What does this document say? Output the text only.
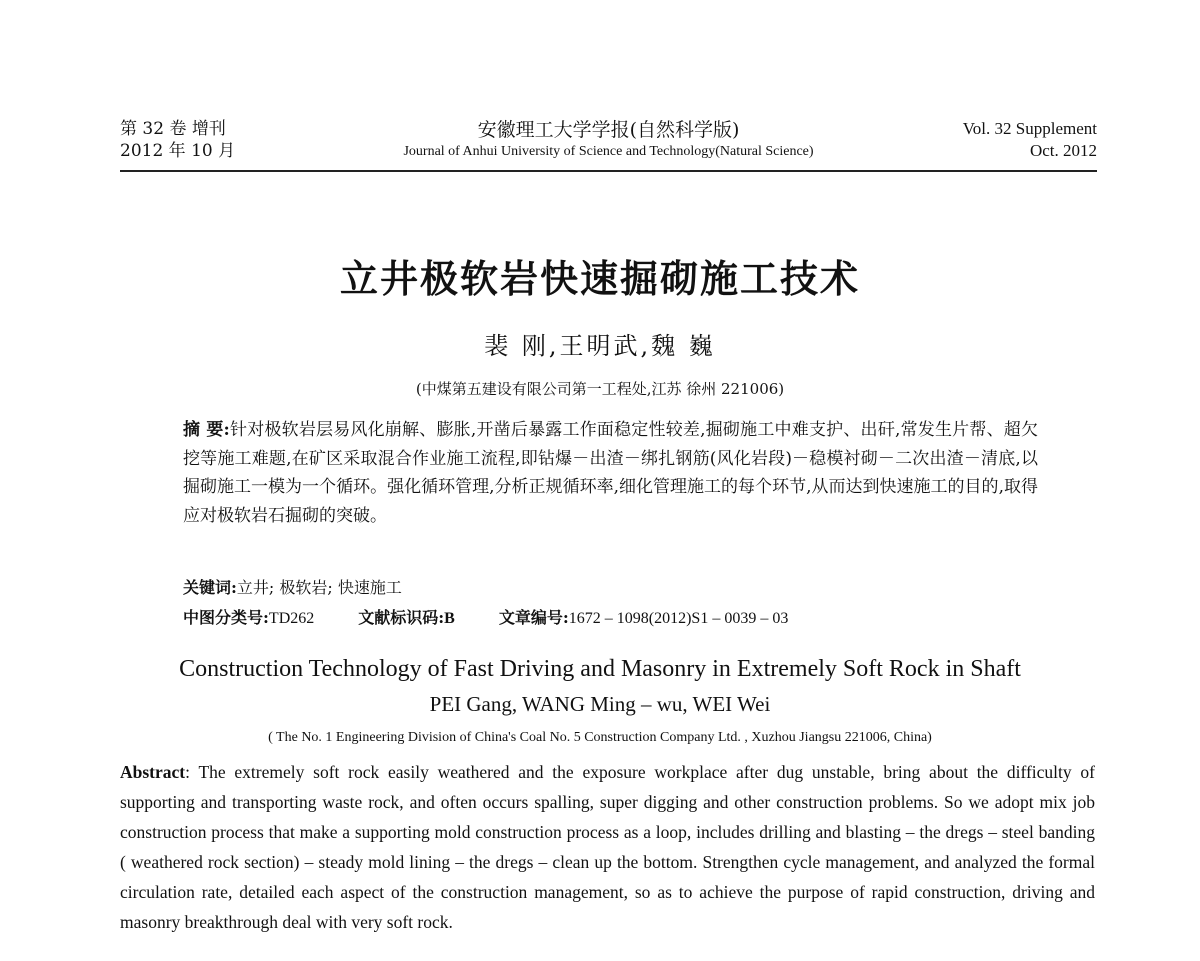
第 32 卷 增刊
2012 年 10 月
安徽理工大学学报(自然科学版)
Journal of Anhui University of Science and Technology(Natural Science)
Vol. 32 Supplement
Oct. 2012
立井极软岩快速掘砌施工技术
裴 刚,王明武,魏 巍
(中煤第五建设有限公司第一工程处,江苏 徐州 221006)
摘 要:针对极软岩层易风化崩解、膨胀,开凿后暴露工作面稳定性较差,掘砌施工中难支护、出矸,常发生片帮、超欠挖等施工难题,在矿区采取混合作业施工流程,即钻爆－出渣－绑扎钢筋(风化岩段)－稳模衬砌－二次出渣－清底,以掘砌施工一模为一个循环。强化循环管理,分析正规循环率,细化管理施工的每个环节,从而达到快速施工的目的,取得应对极软岩石掘砌的突破。
关键词:立井; 极软岩; 快速施工
中图分类号:TD262	文献标识码:B	文章编号:1672 – 1098(2012)S1 – 0039 – 03
Construction Technology of Fast Driving and Masonry in Extremely Soft Rock in Shaft
PEI Gang, WANG Ming – wu, WEI Wei
( The No. 1 Engineering Division of China's Coal No. 5 Construction Company Ltd. , Xuzhou Jiangsu 221006, China)
Abstract: The extremely soft rock easily weathered and the exposure workplace after dug unstable, bring about the difficulty of supporting and transporting waste rock, and often occurs spalling, super digging and other construction problems. So we adopt mix job construction process that make a supporting mold construction process as a loop, includes drilling and blasting – the dregs – steel banding ( weathered rock section) – steady mold lining – the dregs – clean up the bottom. Strengthen cycle management, and analyzed the formal circulation rate, detailed each aspect of the construction management, so as to achieve the purpose of rapid construction, driving and masonry breakthrough deal with very soft rock.
